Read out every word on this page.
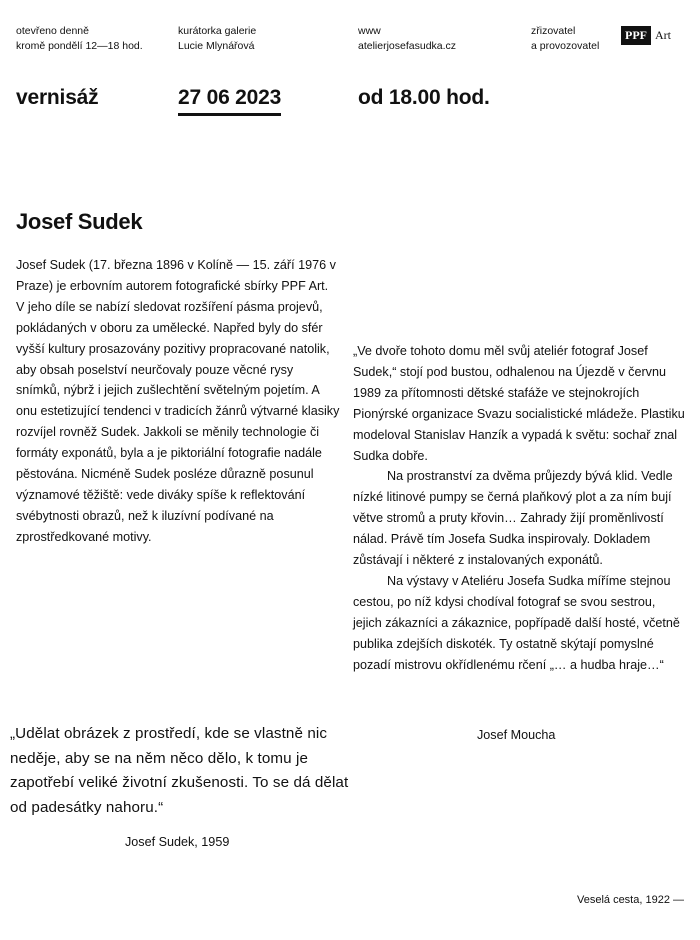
otevřeno denně
kromě pondělí 12—18 hod.
kurátorka galerie
Lucie Mlynářová
www
atelierjosefasudka.cz
zřizovatel
a provozovatel
PPF Art
vernisáž	27 06 2023	od 18.00 hod.
Josef Sudek

Josef Sudek (17. března 1896 v Kolíně — 15. září 1976 v Praze) je erbovním autorem fotografické sbírky PPF Art. V jeho díle se nabízí sledovat rozšíření pásma projevů, pokládaných v oboru za umělecké. Napřed byly do sfér vyšší kultury prosazovány pozitivy propracované natolik, aby obsah poselství neurčovaly pouze věcné rysy snímků, nýbrž i jejich zušlechtění světelným pojetím. A onu estetizující tendenci v tradicích žánrů výtvarné klasiky rozvíjel rovněž Sudek. Jakkoli se měnily technologie či formáty exponátů, byla a je piktoriální fotografie nadále pěstována. Nicméně Sudek posléze důrazně posunul významové těžiště: vede diváky spíše k reflektování svébytnosti obrazů, než k iluzívní podívané na zprostředkované motivy.

„Ve dvoře tohoto domu měl svůj ateliér fotograf Josef Sudek,“ stojí pod bustou, odhalenou na Újezdě v červnu 1989 za přítomnosti dětské stafáže ve stejnokrojích Pionýrské organizace Svazu socialistické mládeže. Plastiku modeloval Stanislav Hanzík a vypadá k světu: sochař znal Sudka dobře.

Na prostranství za dvěma průjezdy bývá klid. Vedle nízké litinové pumpy se černá plaňkový plot a za ním bují větve stromů a pruty křovin… Zahrady žijí proměnlivostí nálad. Právě tím Josefa Sudka inspirovaly. Dokladem zůstávají i některé z instalovaných exponátů.

Na výstavy v Ateliéru Josefa Sudka míříme stejnou cestou, po níž kdysi chodíval fotograf se svou sestrou, jejich zákazníci a zákaznice, popřípadě další hosté, včetně publika zdejších diskoték. Ty ostatně skýtají pomyslné pozadí mistrovu okřídlenému rčení „… a hudba hraje…“

Josef Moucha
„Udělat obrázek z prostředí, kde se vlastně nic neděje, aby se na něm něco dělo, k tomu je zapotřebí veliké životní zkušenosti. To se dá dělat od padesátky nahoru.“
Josef Sudek, 1959
Veselá cesta, 1922 —
